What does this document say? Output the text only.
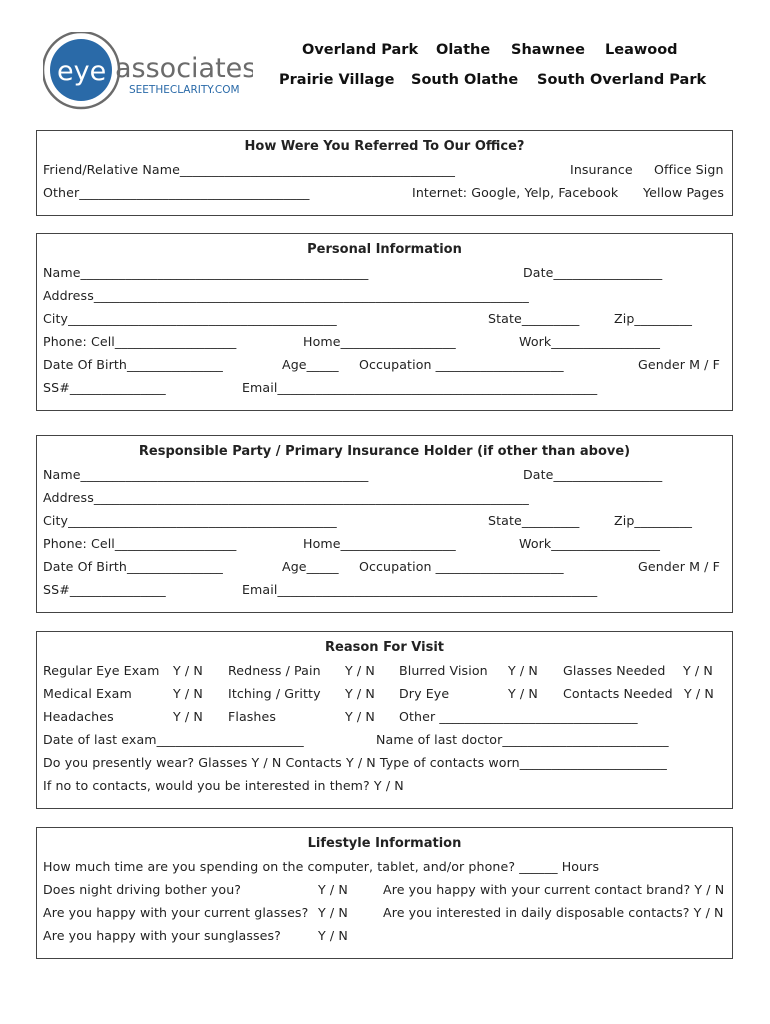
eye associates
SEETHECLARITY.COM
Overland Park Olathe Shawnee Leawood
Prairie Village South Olathe South Overland Park
How Were You Referred To Our Office?
Friend/Relative Name___________________________________________	Insurance Office Sign
Other____________________________________	Internet: Google, Yelp, Facebook Yellow Pages
Personal Information
Name_____________________________________________	Date_________________
Address____________________________________________________________________
City__________________________________________	State_________	Zip_________
Phone: Cell___________________	Home__________________	Work_________________
Date Of Birth_______________	Age_____ Occupation ____________________	Gender M / F
SS#_______________	Email__________________________________________________
Responsible Party / Primary Insurance Holder (if other than above)
Name_____________________________________________	Date_________________
Address____________________________________________________________________
City__________________________________________	State_________	Zip_________
Phone: Cell___________________	Home__________________	Work_________________
Date Of Birth_______________	Age_____ Occupation ____________________	Gender M / F
SS#_______________	Email__________________________________________________
Reason For Visit
Regular Eye Exam Y / N Redness / Pain Y / N Blurred Vision Y / N Glasses Needed Y / N
Medical Exam	Y / N Itching / Gritty Y / N Dry Eye	Y / N Contacts Needed Y / N
Headaches	Y / N Flashes	Y / N Other _______________________________
Date of last exam_______________________	Name of last doctor__________________________
Do you presently wear? Glasses Y / N Contacts Y / N Type of contacts worn_______________________
If no to contacts, would you be interested in them? Y / N
Lifestyle Information
How much time are you spending on the computer, tablet, and/or phone? ______ Hours
Does night driving bother you?	Y / N	Are you happy with your current contact brand? Y / N
Are you happy with your current glasses? Y / N	Are you interested in daily disposable contacts? Y / N
Are you happy with your sunglasses?	Y / N
